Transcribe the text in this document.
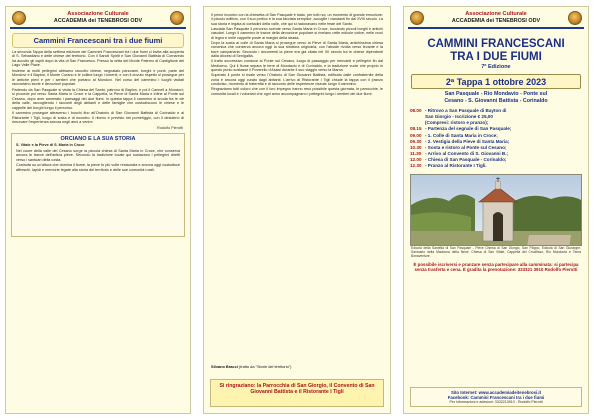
Associazione Culturale
ACCADEMIA dei TENEBROSI ODV
Cammini Francescani tra i due fiumi

La seconda Tappa della settima edizione dei Cammini Francescani tra i due fiumi ci invita alla scoperta di S. Sebastiano e delle chiese del territorio. Con il Sancti Spiriti e San Giovanni Battista di Cornaredo ha accolto gli ospiti dopo la vita di San Francesco. Presso la vetta del Monte Paterno di Castiglione del Lago Valle Piave.

Insieme ai molti pellegrini abbiamo raccolto chiese, segnalato panorami, borghi e ponti, parte del Mondovì e il Bayton, il Monte Corano e le colline lungo i torrenti, e con il dovuto rispetto si prosegue per le antiche pievi e per i sentieri che portano al Mondovì. Nel corso del cammino i luoghi visitati raccontano storie e devozioni popolari.

Partendo da San Pasquale si visita la Chiesa del Santo, patrono di Bayton, e poi il Cannell a Mondovì; si procede poi verso Santa Maria in Croce e la Cappella, la Pieve di Santa Maria e infine al Ponte sul Cesano, dopo aver ammirato i paesaggi dei due fiumi. In questa tappa il cammino si snoda fra le vie della valle, raccogliendo i racconti degli abitanti e delle famiglie che custodiscono le chiese e le cappelle dei borghi lungo il percorso.

Il cammino prosegue attraverso i boschi fino all'Oratorio di San Giovanni Battista di Corinaldo e al Ristorante I Tigli, luogo di sosta e di incontro. Il ritorno è previsto nel pomeriggio, con il desiderio di rinnovare l'esperienza ancora negli anni a venire.

Rodolfo Pierotti
ORCIANO E LA SUA STORIA

S. Vitale e la Pieve di S. Maria in Croce

Nel cuore della valle del Cesano sorge la piccola chiesa di Santa Maria in Croce, che conserva ancora le tracce dell'antica pieve. Secondo la tradizione locale qui sostavano i pellegrini diretti verso i santuari della costa.

Costruita su un'altura che domina il fiume, la pieve fu più volte restaurata e ancora oggi custodisce affreschi, lapidi e memorie legate alla storia del territorio e delle sue comunità rurali.

Il primo incontro con la chiesetta di San Pasquale è stato, per tutti noi, un momento di grande emozione: il piccolo edificio, con il suo portico e la sua facciata semplice, accoglie i viandanti fin dal XVIII secolo. La sua storia è legata ai contadini della valle, che qui si radunavano nelle feste del Santo.

Lasciata San Pasquale il percorso scende verso Santa Maria in Croce, toccando piccoli borghi e antichi casolari. Lungo il cammino le tracce della devozione popolare si rivelano nelle edicole votive, nelle croci di legno e nelle cappelle poste ai margini della strada.

Dopo la sosta al colle di Santa Maria si prosegue verso la Pieve di Santa Maria, antichissima chiesa romanica che conserva ancora oggi la sua struttura originaria, con l'abside rivolta verso levante e la torre campanaria. Secondo i documenti la pieve era già citata nel XII secolo tra le chiese dipendenti dalla diocesi di Senigallia.

Il tratto successivo conduce al Ponte sul Cesano, luogo di passaggio per mercanti e pellegrini fin dal Medioevo. Qui il fiume separa le terre di Mondavio e di Corinaldo, e la tradizione vuole che proprio in questo punto sostasse il Poverello d'Assisi durante il suo viaggio verso la Marca.

Superato il ponte si risale verso l'Oratorio di San Giovanni Battista, edificato dalle confraternite della zona e ancora oggi curato dagli abitanti. L'arrivo al Ristorante I Tigli chiude la tappa con il pranzo condiviso, momento di fraternità e di racconto delle esperienze vissute lungo il cammino.

Ringraziamo tutti coloro che con il loro impegno hanno reso possibile questa giornata, le parrocchie, le comunità locali e i volontari che ogni anno accompagnano i pellegrini lungo i sentieri dei due fiumi.

Silvano Bracci (tratto da "Storie del territorio")
Si ringraziano: la Parrocchia di San Giorgio, il Convento di San Giovanni Battista e il Ristorante I Tigli
Associazione Culturale
ACCADEMIA dei TENEBROSI ODV
CAMMINI FRANCESCANI
TRA I DUE FIUMI
7ª Edizione
2ª Tappa 1 ottobre 2023
San Pasquale - Rio Mondavio - Ponte sul
Cesano - S. Giovanni Battista - Corinaldo
08.00 - Ritrovo a San Pasquale di Bayton di
San Giorgio - Iscrizione € 25,00
(Compresi: ristoro e pranzo);
08.15 - Partenza del segnale di San Pasquale;
09.00 - 1. Colle di Santa Maria in Croce;
09.30 - 2. Vestigia della Pieve di Santa Maria;
10.30 - Sosta e ristoro al Ponte sul Cesano;
11.30 - Arrivo al Convento di S. Giovanni B.;
12.00 - Chiesa di San Pasquale - Corinaldo;
12.30 - Pranzo al Ristorante I Tigli.
Edicola della Santella di San Pasquale - Pieve Chiesa di San Giorgio, San Filippo, Edicola di San Giuseppe, Santuario della Madonna della Neve, Chiesa di San Vitale, Cappella del Crocifisso, Rio Mondavio e Tema Bonaventure.
È possibile iscriversi e pranzare senza partecipare alla camminata: si partecipa senza trasferta e cena. È gradita la prenotazione: 333321 3910 Rodolfo Pierotti
Sito Internet: www.accademiadeitenebrosi.it
Facebook: Cammini Francescani tra i due fiumi
Per informazioni e adesioni: 3332213910 - Rodolfo Pierotti
